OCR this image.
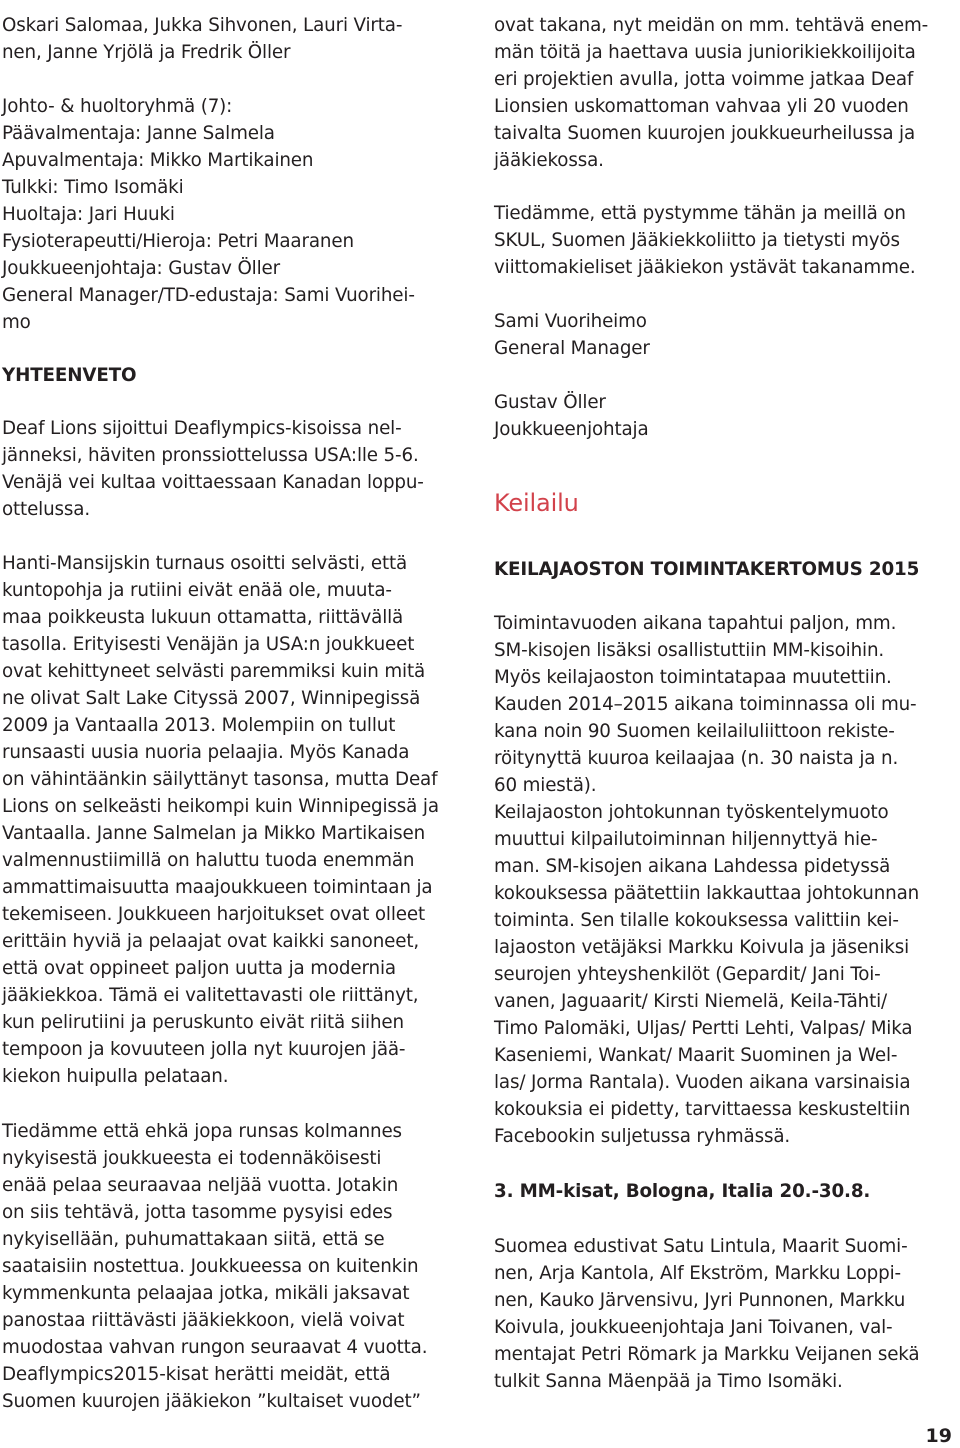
Oskari Salomaa, Jukka Sihvonen, Lauri Virta-
nen, Janne Yrjölä ja Fredrik Öller
Johto- & huoltoryhmä (7):
Päävalmentaja: Janne Salmela
Apuvalmentaja: Mikko Martikainen
Tulkki: Timo Isomäki
Huoltaja: Jari Huuki
Fysioterapeutti/Hieroja: Petri Maaranen
Joukkueenjohtaja: Gustav Öller
General Manager/TD-edustaja: Sami Vuorihei-
mo
YHTEENVETO
Deaf Lions sijoittui Deaflympics-kisoissa nel-
jänneksi, häviten pronssiottelussa USA:lle 5-6.
Venäjä vei kultaa voittaessaan Kanadan loppu-
ottelussa.
Hanti-Mansijskin turnaus osoitti selvästi, että
kuntopohja ja rutiini eivät enää ole, muuta-
maa poikkeusta lukuun ottamatta, riittävällä
tasolla. Erityisesti Venäjän ja USA:n joukkueet
ovat kehittyneet selvästi paremmiksi kuin mitä
ne olivat Salt Lake Cityssä 2007, Winnipegissä
2009 ja Vantaalla 2013. Molempiin on tullut
runsaasti uusia nuoria pelaajia. Myös Kanada
on vähintäänkin säilyttänyt tasonsa, mutta Deaf
Lions on selkeästi heikompi kuin Winnipegissä ja
Vantaalla. Janne Salmelan ja Mikko Martikaisen
valmennustiimillä on haluttu tuoda enemmän
ammattimaisuutta maajoukkueen toimintaan ja
tekemiseen. Joukkueen harjoitukset ovat olleet
erittäin hyviä ja pelaajat ovat kaikki sanoneet,
että ovat oppineet paljon uutta ja modernia
jääkiekkoa. Tämä ei valitettavasti ole riittänyt,
kun pelirutiini ja peruskunto eivät riitä siihen
tempoon ja kovuuteen jolla nyt kuurojen jää-
kiekon huipulla pelataan.
Tiedämme että ehkä jopa runsas kolmannes
nykyisestä joukkueesta ei todennäköisesti
enää pelaa seuraavaa neljää vuotta. Jotakin
on siis tehtävä, jotta tasomme pysyisi edes
nykyisellään, puhumattakaan siitä, että se
saataisiin nostettua. Joukkueessa on kuitenkin
kymmenkunta pelaajaa jotka, mikäli jaksavat
panostaa riittävästi jääkiekkoon, vielä voivat
muodostaa vahvan rungon seuraavat 4 vuotta.
Deaflympics2015-kisat herätti meidät, että
Suomen kuurojen jääkiekon ”kultaiset vuodet”
ovat takana, nyt meidän on mm. tehtävä enem-
män töitä ja haettava uusia juniorikiekkoilijoita
eri projektien avulla, jotta voimme jatkaa Deaf
Lionsien uskomattoman vahvaa yli 20 vuoden
taivalta Suomen kuurojen joukkueurheilussa ja
jääkiekossa.
Tiedämme, että pystymme tähän ja meillä on
SKUL, Suomen Jääkiekkoliitto ja tietysti myös
viittomakieliset jääkiekon ystävät takanamme.
Sami Vuoriheimo
General Manager
Gustav Öller
Joukkueenjohtaja
Keilailu
KEILAJAOSTON TOIMINTAKERTOMUS 2015
Toimintavuoden aikana tapahtui paljon, mm.
SM-kisojen lisäksi osallistuttiin MM-kisoihin.
Myös keilajaoston toimintatapaa muutettiin.
Kauden 2014–2015 aikana toiminnassa oli mu-
kana noin 90 Suomen keilailuliittoon rekiste-
röitynyttä kuuroa keilaajaa (n. 30 naista ja n.
60 miestä).
Keilajaoston johtokunnan työskentelymuoto
muuttui kilpailutoiminnan hiljennyttyä hie-
man. SM-kisojen aikana Lahdessa pidetyssä
kokouksessa päätettiin lakkauttaa johtokunnan
toiminta. Sen tilalle kokouksessa valittiin kei-
lajaoston vetäjäksi Markku Koivula ja jäseniksi
seurojen yhteyshenkilöt (Gepardit/ Jani Toi-
vanen, Jaguaarit/ Kirsti Niemelä, Keila-Tähti/
Timo Palomäki, Uljas/ Pertti Lehti, Valpas/ Mika
Kaseniemi, Wankat/ Maarit Suominen ja Wel-
las/ Jorma Rantala). Vuoden aikana varsinaisia
kokouksia ei pidetty, tarvittaessa keskusteltiin
Facebookin suljetussa ryhmässä.
3. MM-kisat, Bologna, Italia 20.-30.8.
Suomea edustivat Satu Lintula, Maarit Suomi-
nen, Arja Kantola, Alf Ekström, Markku Loppi-
nen, Kauko Järvensivu, Jyri Punnonen, Markku
Koivula, joukkueenjohtaja Jani Toivanen, val-
mentajat Petri Römark ja Markku Veijanen sekä
tulkit Sanna Mäenpää ja Timo Isomäki.
19
